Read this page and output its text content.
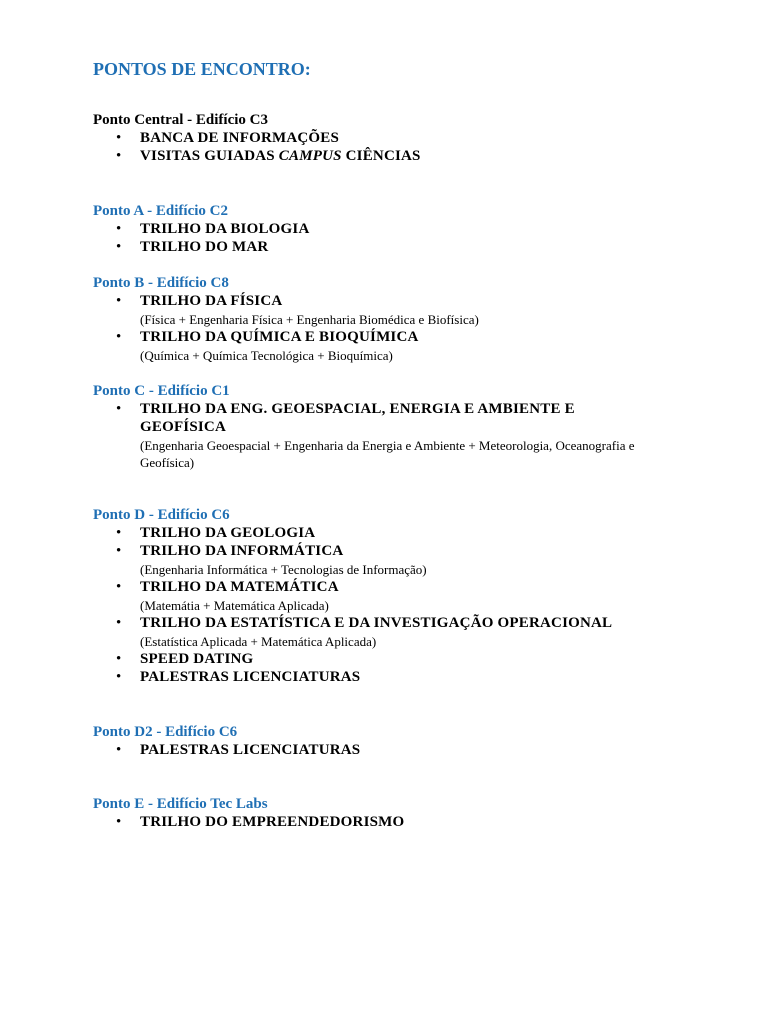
PONTOS DE ENCONTRO:
Ponto Central - Edifício C3
• BANCA DE INFORMAÇÕES
• VISITAS GUIADAS CAMPUS CIÊNCIAS
Ponto A - Edifício C2
• TRILHO DA BIOLOGIA
• TRILHO DO MAR
Ponto B - Edifício C8
• TRILHO DA FÍSICA
(Física + Engenharia Física + Engenharia Biomédica e Biofísica)
• TRILHO DA QUÍMICA E BIOQUÍMICA
(Química + Química Tecnológica + Bioquímica)
Ponto C - Edifício C1
• TRILHO DA ENG. GEOESPACIAL, ENERGIA E AMBIENTE E GEOFÍSICA
(Engenharia Geoespacial + Engenharia da Energia e Ambiente + Meteorologia, Oceanografia e Geofísica)
Ponto D - Edifício C6
• TRILHO DA GEOLOGIA
• TRILHO DA INFORMÁTICA
(Engenharia Informática + Tecnologias de Informação)
• TRILHO DA MATEMÁTICA
(Matemátia + Matemática Aplicada)
• TRILHO DA ESTATÍSTICA E DA INVESTIGAÇÃO OPERACIONAL
(Estatística Aplicada + Matemática Aplicada)
• SPEED DATING
• PALESTRAS LICENCIATURAS
Ponto D2 - Edifício C6
• PALESTRAS LICENCIATURAS
Ponto E - Edifício Tec Labs
• TRILHO DO EMPREENDEDORISMO
